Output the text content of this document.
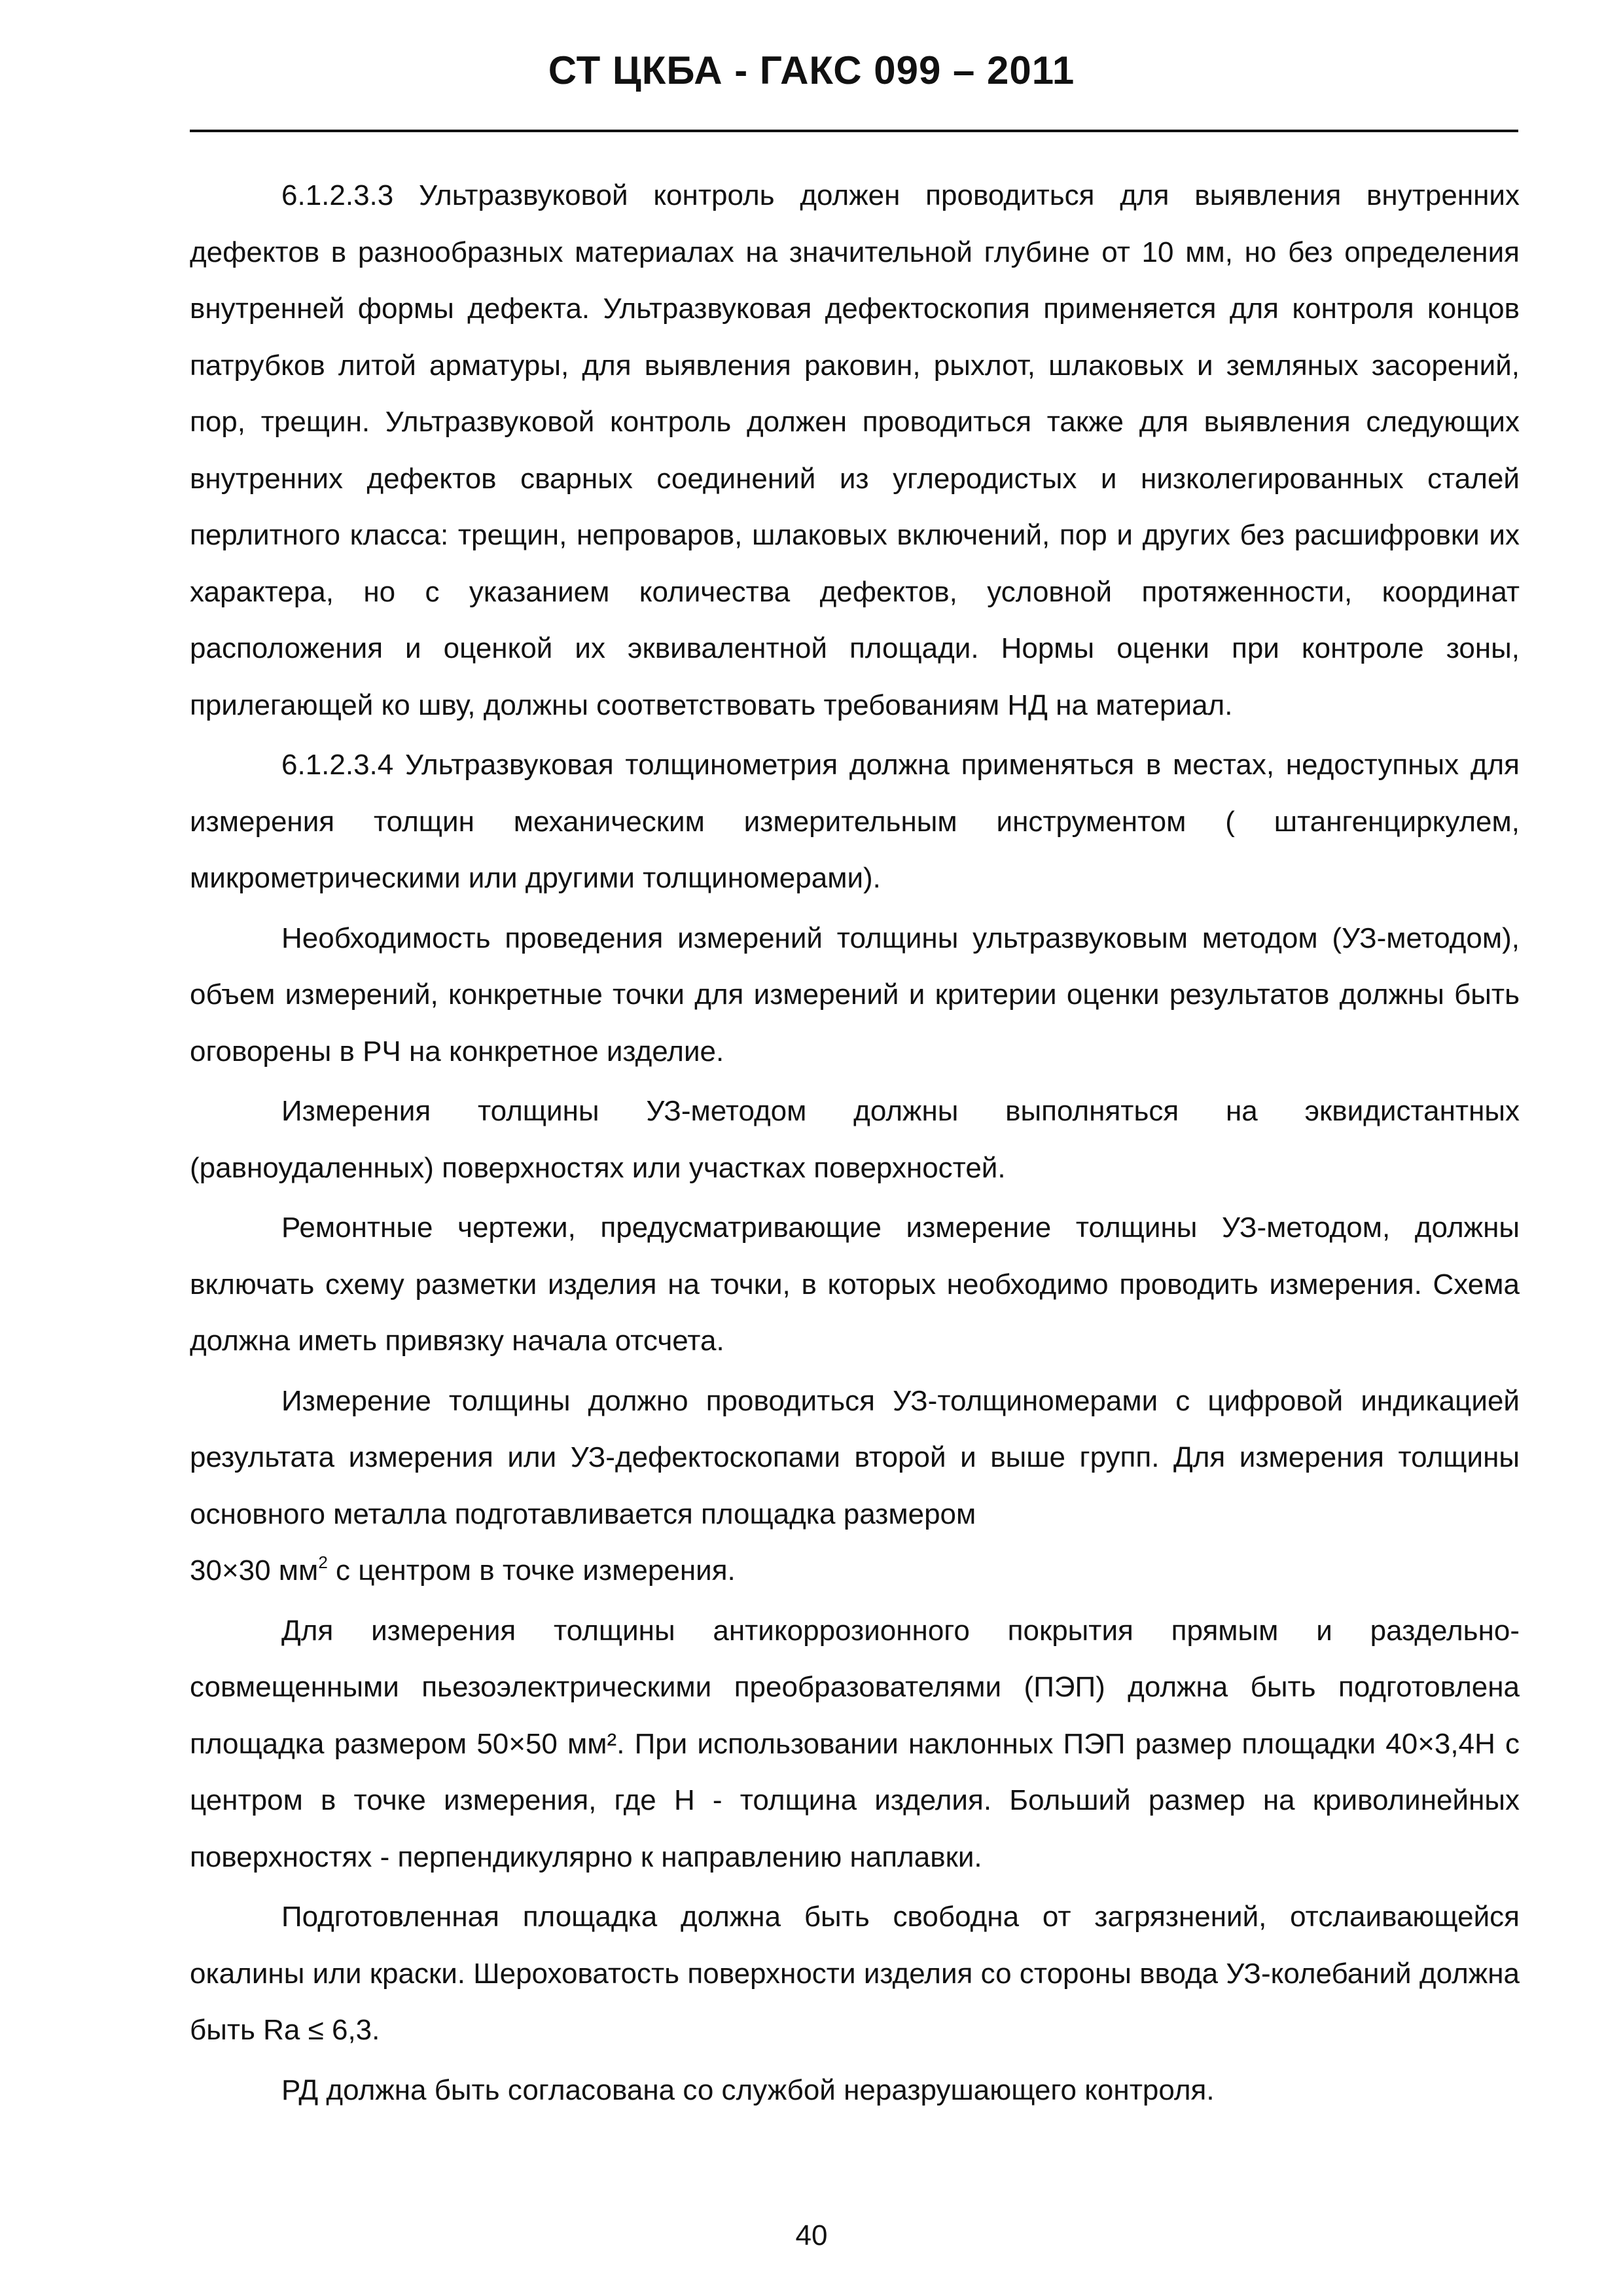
СТ ЦКБА - ГАКС 099 – 2011

6.1.2.3.3 Ультразвуковой контроль должен проводиться для выявления внутренних дефектов в разнообразных материалах на значительной глубине от 10 мм, но без определения внутренней формы дефекта. Ультразвуковая дефектоскопия применяется для контроля концов патрубков литой арматуры, для выявления раковин, рыхлот, шлаковых и земляных засорений, пор, трещин. Ультразвуковой контроль должен проводиться также для выявления следующих внутренних дефектов сварных соединений из углеродистых и низколегированных сталей перлитного класса: трещин, непроваров, шлаковых включений, пор и других без расшифровки их характера, но с указанием количества дефектов, условной протяженности, координат расположения и оценкой их эквивалентной площади. Нормы оценки при контроле зоны, прилегающей ко шву, должны соответствовать требованиям НД на материал.

6.1.2.3.4 Ультразвуковая толщинометрия должна применяться в местах, недоступных для измерения толщин механическим измерительным инструментом ( штангенциркулем, микрометрическими или другими толщиномерами).

Необходимость проведения измерений толщины ультразвуковым методом (УЗ-методом), объем измерений, конкретные точки для измерений и критерии оценки результатов должны быть оговорены в РЧ на конкретное изделие.

Измерения толщины УЗ-методом должны выполняться на эквидистантных (равноудаленных) поверхностях или участках поверхностей.

Ремонтные чертежи, предусматривающие измерение толщины УЗ-методом, должны включать схему разметки изделия на точки, в которых необходимо проводить измерения. Схема должна иметь привязку начала отсчета.

Измерение толщины должно проводиться УЗ-толщиномерами с цифровой индикацией результата измерения или УЗ-дефектоскопами второй и выше групп. Для измерения толщины основного металла подготавливается площадка размером

30×30 $мм^2$ с центром в точке измерения.

Для измерения толщины антикоррозионного покрытия прямым и раздельно-совмещенными пьезоэлектрическими преобразователями (ПЭП) должна быть подготовлена площадка размером 50×50 мм². При использовании наклонных ПЭП размер площадки 40×3,4Н с центром в точке измерения, где Н - толщина изделия. Больший размер на криволинейных поверхностях - перпендикулярно к направлению наплавки.

Подготовленная площадка должна быть свободна от загрязнений, отслаивающейся окалины или краски. Шероховатость поверхности изделия со стороны ввода УЗ-колебаний должна быть Ra ≤ 6,3.

РД должна быть согласована со службой неразрушающего контроля.

40
